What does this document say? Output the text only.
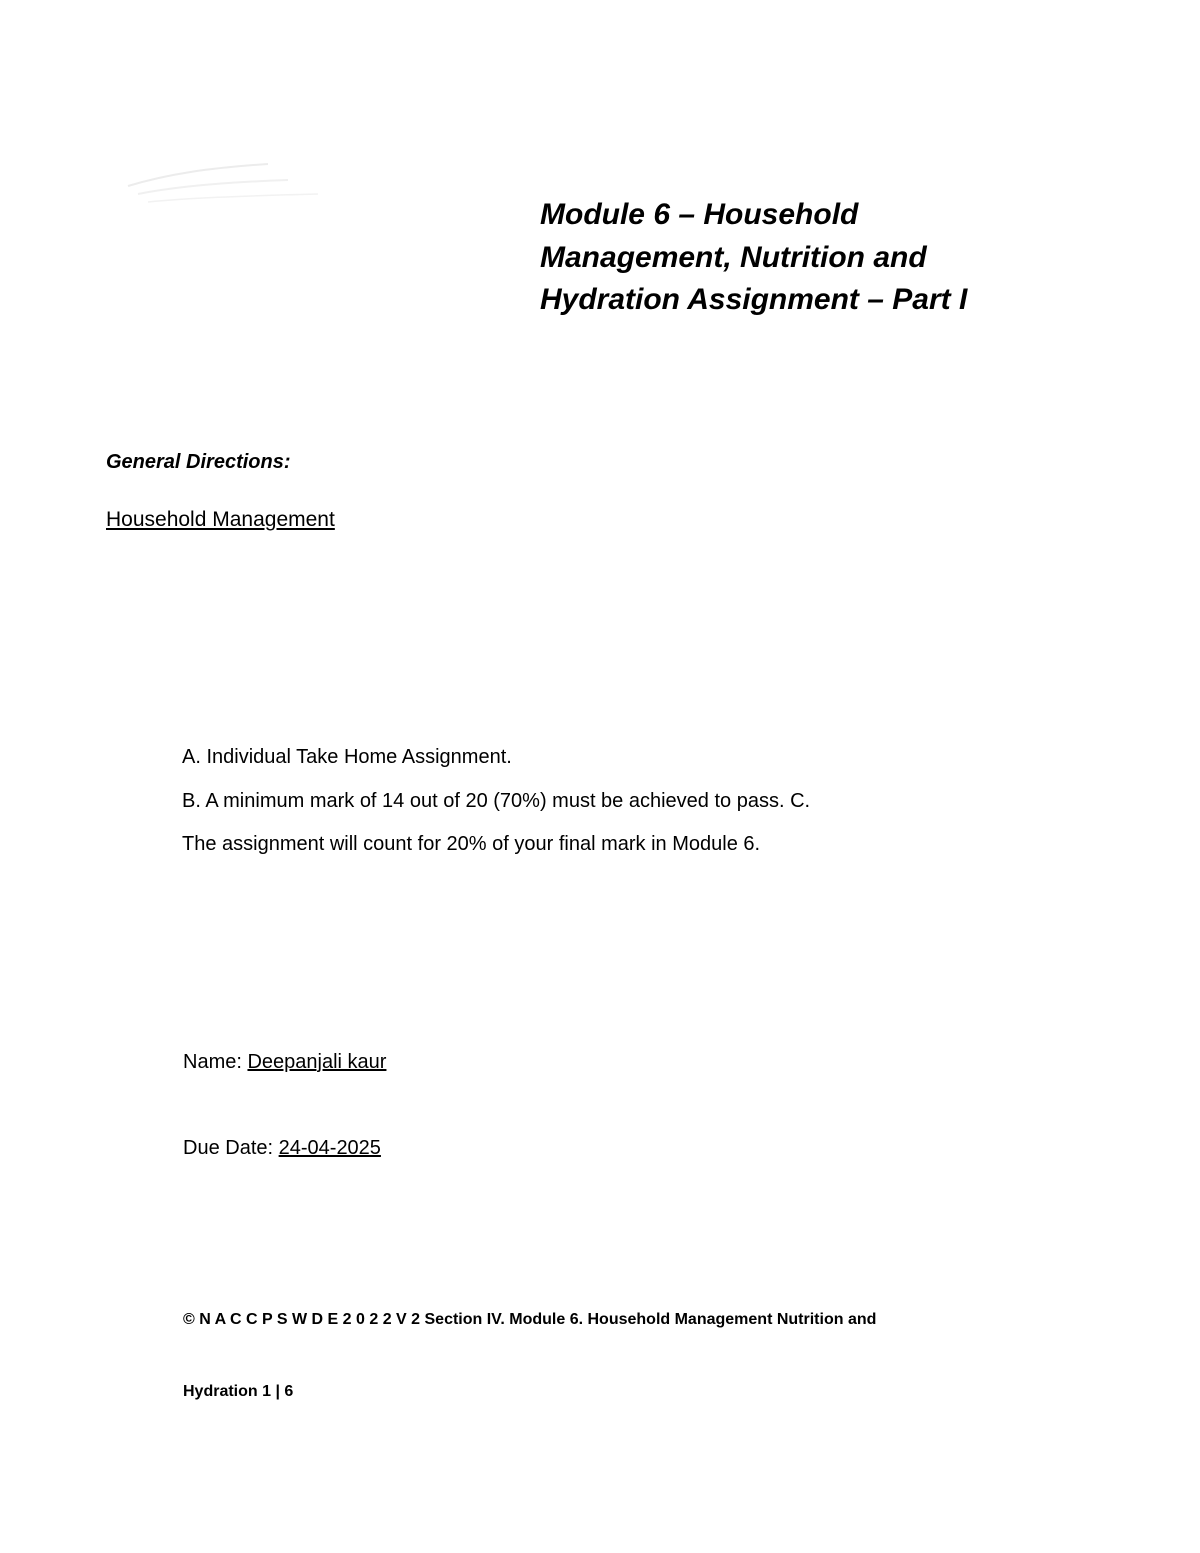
Module 6 – Household Management, Nutrition and Hydration Assignment – Part I

General Directions:

Household Management

A. Individual Take Home Assignment.

B. A minimum mark of 14 out of 20 (70%) must be achieved to pass. C.

The assignment will count for 20% of your final mark in Module 6.

Name: Deepanjali kaur

Due Date: 24-04-2025

© N A C C P S W D E 2 0 2 2 V 2 Section IV. Module 6. Household Management Nutrition and

Hydration 1 | 6
